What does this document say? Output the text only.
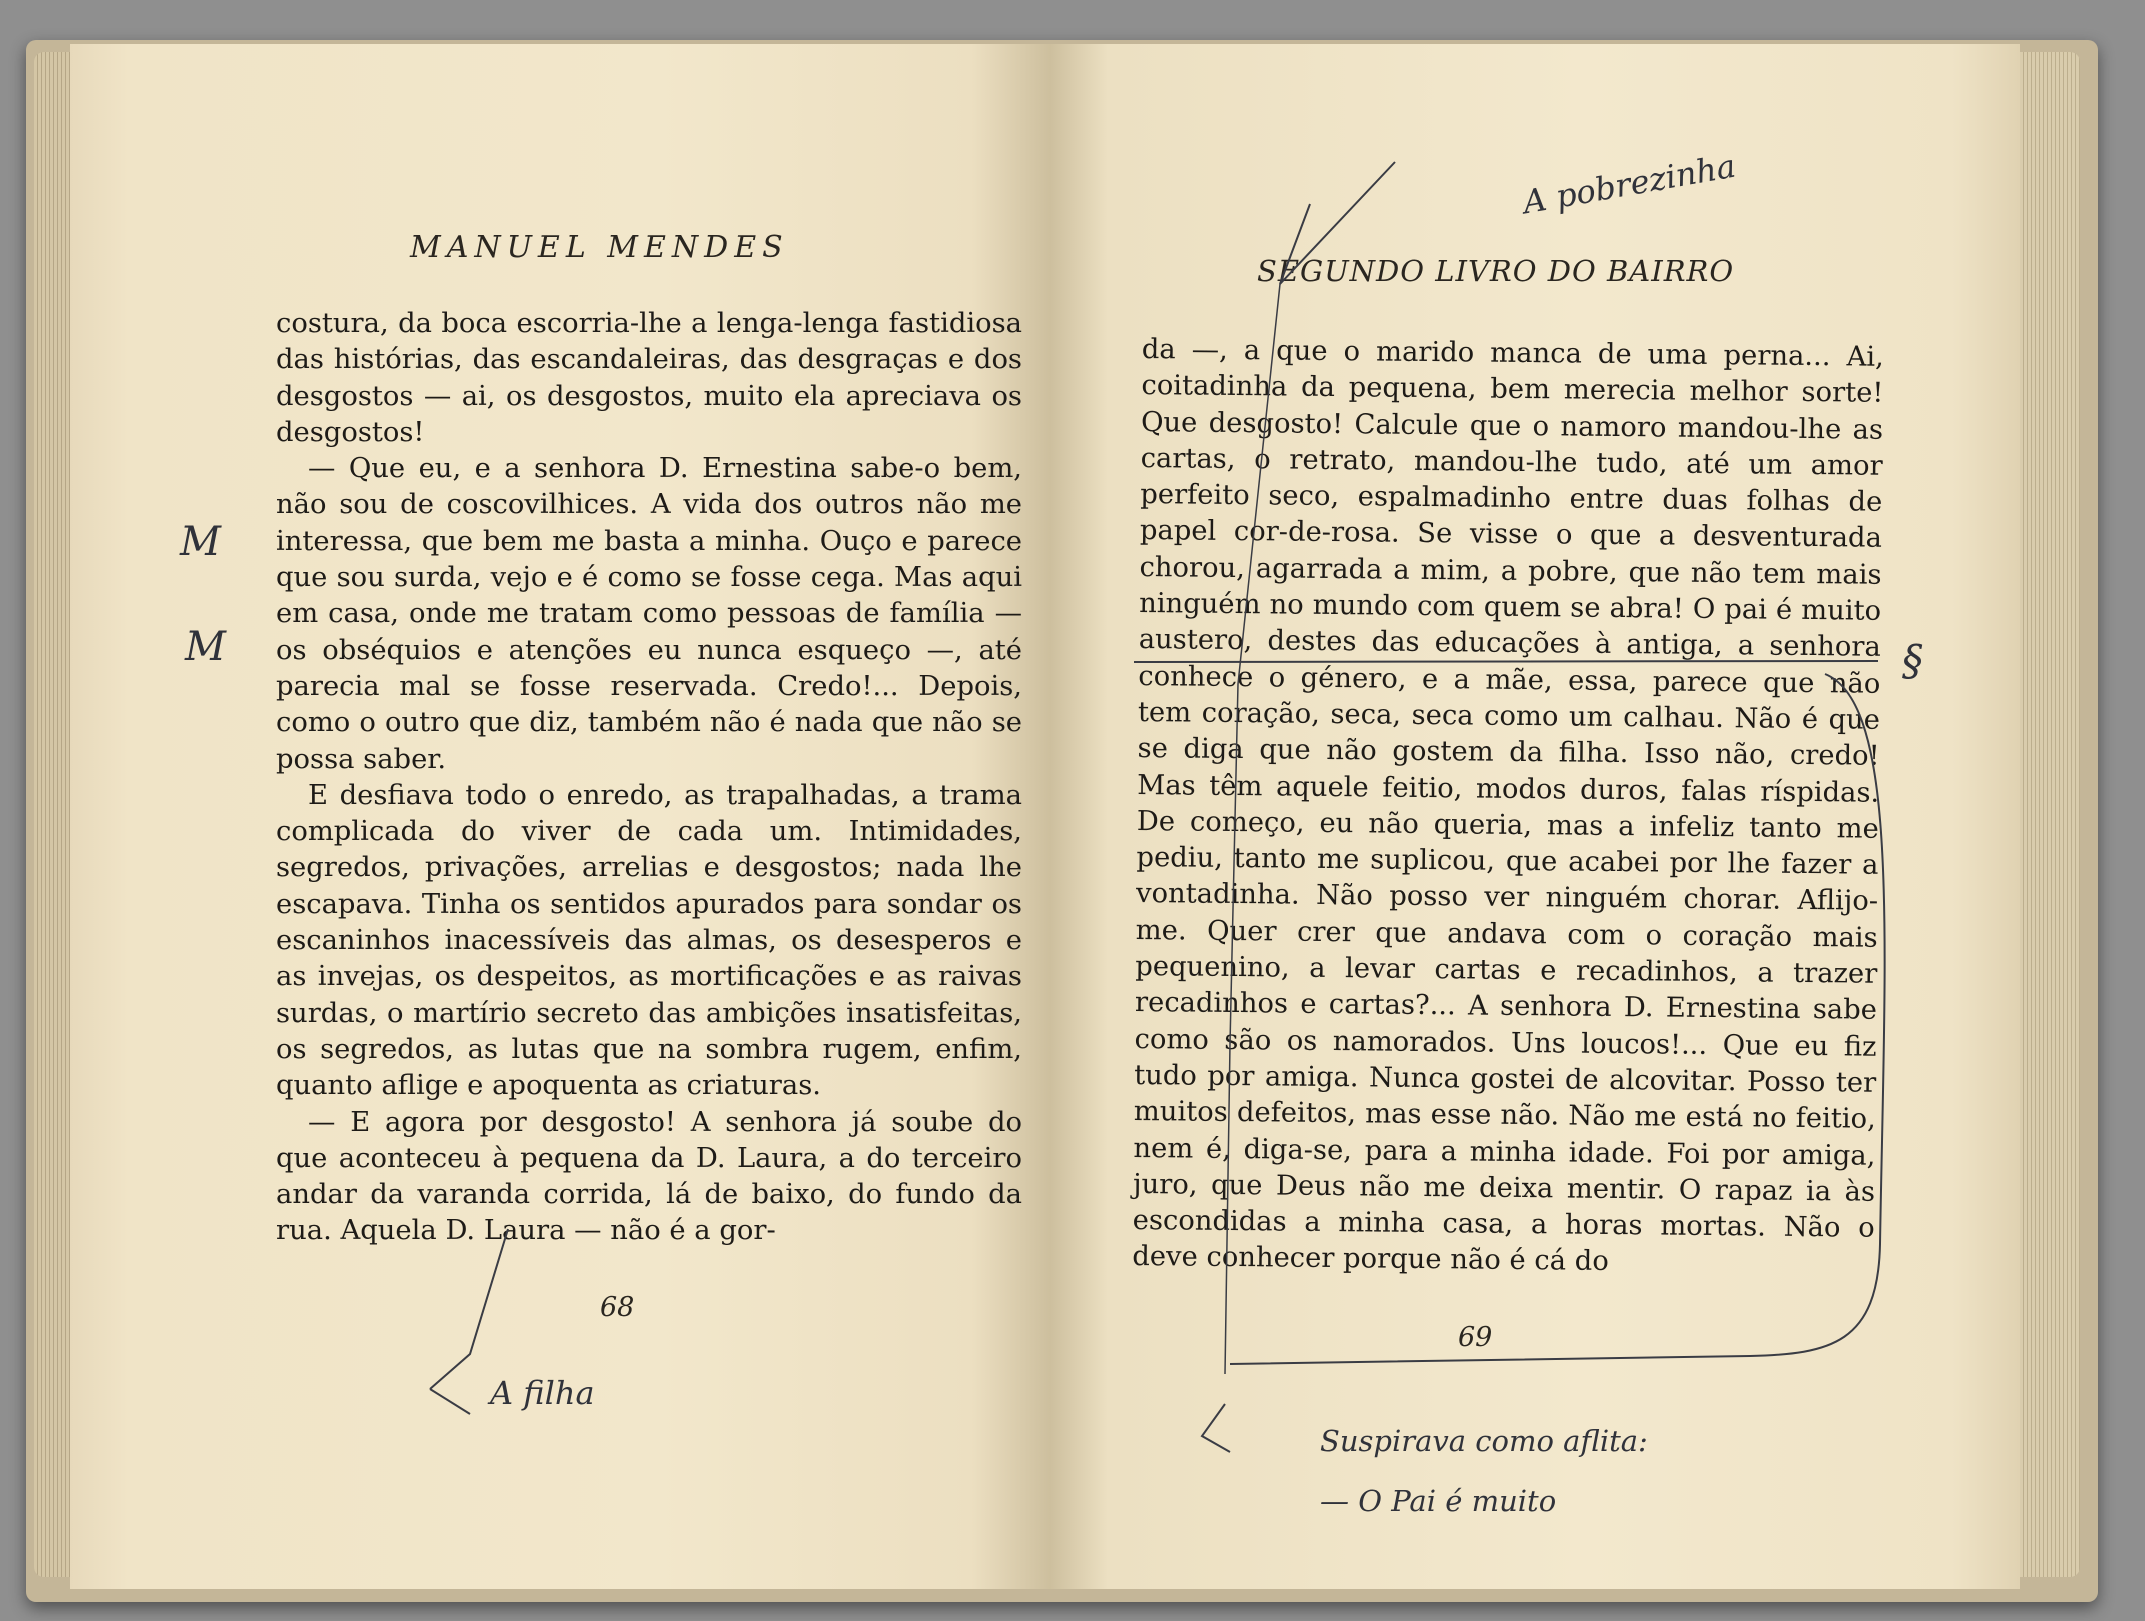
MANUEL MENDES

costura, da boca escorria-lhe a lenga-lenga fastidiosa das histórias, das escandaleiras, das desgraças e dos desgostos — ai, os desgostos, muito ela apreciava os desgostos!

— Que eu, e a senhora D. Ernestina sabe-o bem, não sou de coscovilhices. A vida dos outros não me interessa, que bem me basta a minha. Ouço e parece que sou surda, vejo e é como se fosse cega. Mas aqui em casa, onde me tratam como pessoas de família — os obséquios e atenções eu nunca esqueço —, até parecia mal se fosse reservada. Credo!... Depois, como o outro que diz, também não é nada que não se possa saber.

E desfiava todo o enredo, as trapalhadas, a trama complicada do viver de cada um. Intimidades, segredos, privações, arrelias e desgostos; nada lhe escapava. Tinha os sentidos apurados para sondar os escaninhos inacessíveis das almas, os desesperos e as invejas, os despeitos, as mortificações e as raivas surdas, o martírio secreto das ambições insatisfeitas, os segredos, as lutas que na sombra rugem, enfim, quanto aflige e apoquenta as criaturas.

— E agora por desgosto! A senhora já soube do que aconteceu à pequena da D. Laura, a do terceiro andar da varanda corrida, lá de baixo, do fundo da rua. Aquela D. Laura — não é a gor-

68
M
M
A filha
A pobrezinha
SEGUNDO LIVRO DO BAIRRO

da —, a que o marido manca de uma perna... Ai, coitadinha da pequena, bem merecia melhor sorte! Que desgosto! Calcule que o namoro mandou-lhe as cartas, o retrato, mandou-lhe tudo, até um amor perfeito seco, espalmadinho entre duas folhas de papel cor-de-rosa. Se visse o que a desventurada chorou, agarrada a mim, a pobre, que não tem mais ninguém no mundo com quem se abra! O pai é muito austero, destes das educações à antiga, a senhora conhece o género, e a mãe, essa, parece que não tem coração, seca, seca como um calhau. Não é que se diga que não gostem da filha. Isso não, credo! Mas têm aquele feitio, modos duros, falas ríspidas. De começo, eu não queria, mas a infeliz tanto me pediu, tanto me suplicou, que acabei por lhe fazer a vontadinha. Não posso ver ninguém chorar. Aflijo-me. Quer crer que andava com o coração mais pequenino, a levar cartas e recadinhos, a trazer recadinhos e cartas?... A senhora D. Ernestina sabe como são os namorados. Uns loucos!... Que eu fiz tudo por amiga. Nunca gostei de alcovitar. Posso ter muitos defeitos, mas esse não. Não me está no feitio, nem é, diga-se, para a minha idade. Foi por amiga, juro, que Deus não me deixa mentir. O rapaz ia às escondidas a minha casa, a horas mortas. Não o deve conhecer porque não é cá do

69
§
Suspirava como aflita:
— O Pai é muito
